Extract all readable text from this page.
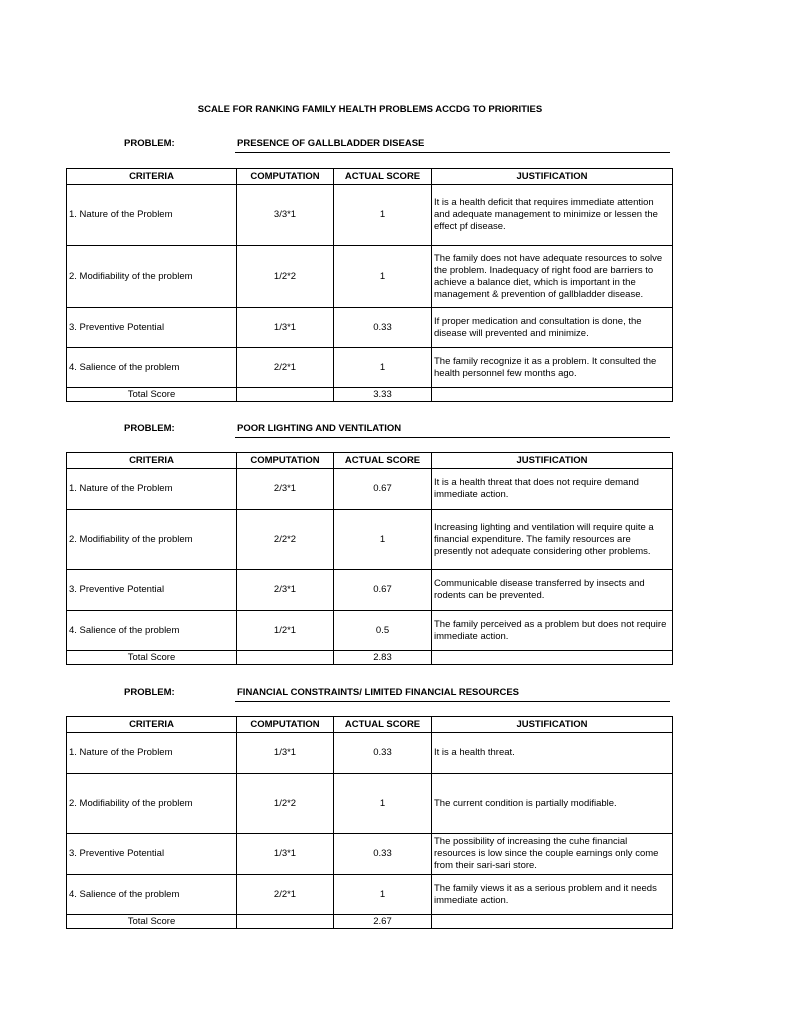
SCALE FOR RANKING FAMILY HEALTH PROBLEMS ACCDG TO PRIORITIES
PROBLEM:	PRESENCE OF GALLBLADDER DISEASE
CRITERIA	COMPUTATION	ACTUAL SCORE	JUSTIFICATION
1. Nature of the Problem	3/3*1	1	It is a health deficit that requires immediate attention and adequate management to minimize or lessen the effect pf disease.
2. Modifiability of the problem	1/2*2	1	The family does not have adequate resources to solve the problem. Inadequacy of right food are barriers to achieve a balance diet, which is important in the management & prevention of gallbladder disease.
3. Preventive Potential	1/3*1	0.33	If proper medication and consultation is done, the disease will prevented and minimize.
4. Salience of the problem	2/2*1	1	The family recognize it as a problem. It consulted the health personnel few months ago.
Total Score		3.33	
PROBLEM:	POOR LIGHTING AND VENTILATION
CRITERIA	COMPUTATION	ACTUAL SCORE	JUSTIFICATION
1. Nature of the Problem	2/3*1	0.67	It is a health threat that does not require demand immediate action.
2. Modifiability of the problem	2/2*2	1	Increasing lighting and ventilation will require quite a financial expenditure. The family resources are presently not adequate considering other problems.
3. Preventive Potential	2/3*1	0.67	Communicable disease transferred by insects and rodents can be prevented.
4. Salience of the problem	1/2*1	0.5	The family perceived as a problem but does not require immediate action.
Total Score		2.83	
PROBLEM:	FINANCIAL CONSTRAINTS/ LIMITED FINANCIAL RESOURCES
CRITERIA	COMPUTATION	ACTUAL SCORE	JUSTIFICATION
1. Nature of the Problem	1/3*1	0.33	It is a health threat.
2. Modifiability of the problem	1/2*2	1	The current condition is partially modifiable.
3. Preventive Potential	1/3*1	0.33	The possibility of increasing the cuhe financial resources is low since the couple earnings only come from their sari-sari store.
4. Salience of the problem	2/2*1	1	The family views it as a serious problem and it needs immediate action.
Total Score		2.67	
